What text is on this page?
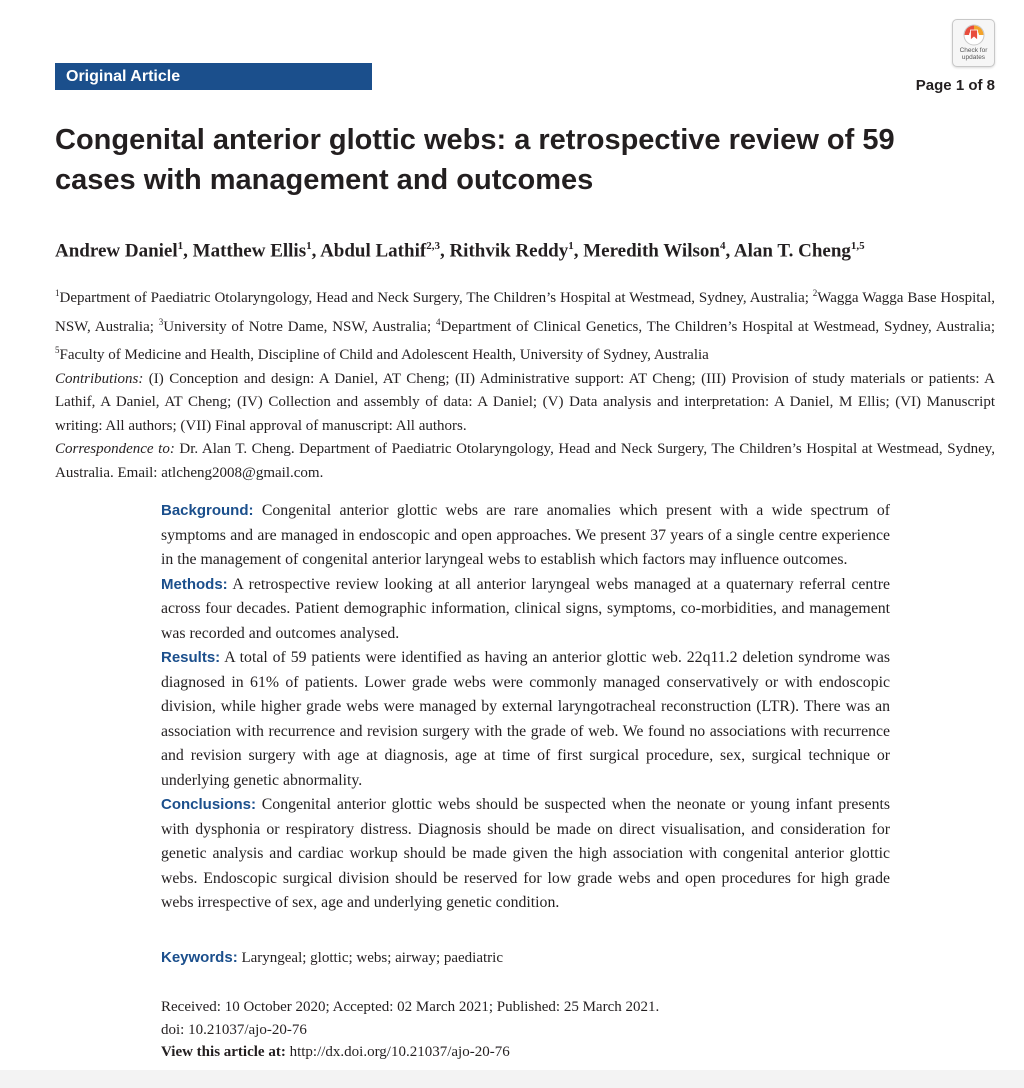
Original Article
Check for updates
Page 1 of 8
Congenital anterior glottic webs: a retrospective review of 59 cases with management and outcomes
Andrew Daniel$^1$, Matthew Ellis$^1$, Abdul Lathif$^{2,3}$, Rithvik Reddy$^1$, Meredith Wilson$^4$, Alan T. Cheng$^{1,5}$

$^1$Department of Paediatric Otolaryngology, Head and Neck Surgery, The Children’s Hospital at Westmead, Sydney, Australia; $^2$Wagga Wagga Base Hospital, NSW, Australia; $^3$University of Notre Dame, NSW, Australia; $^4$Department of Clinical Genetics, The Children’s Hospital at Westmead, Sydney, Australia; $^5$Faculty of Medicine and Health, Discipline of Child and Adolescent Health, University of Sydney, Australia

Contributions: (I) Conception and design: A Daniel, AT Cheng; (II) Administrative support: AT Cheng; (III) Provision of study materials or patients: A Lathif, A Daniel, AT Cheng; (IV) Collection and assembly of data: A Daniel; (V) Data analysis and interpretation: A Daniel, M Ellis; (VI) Manuscript writing: All authors; (VII) Final approval of manuscript: All authors.

Correspondence to: Dr. Alan T. Cheng. Department of Paediatric Otolaryngology, Head and Neck Surgery, The Children’s Hospital at Westmead, Sydney, Australia. Email: atlcheng2008@gmail.com.

Background: Congenital anterior glottic webs are rare anomalies which present with a wide spectrum of symptoms and are managed in endoscopic and open approaches. We present 37 years of a single centre experience in the management of congenital anterior laryngeal webs to establish which factors may influence outcomes.

Methods: A retrospective review looking at all anterior laryngeal webs managed at a quaternary referral centre across four decades. Patient demographic information, clinical signs, symptoms, co-morbidities, and management was recorded and outcomes analysed.

Results: A total of 59 patients were identified as having an anterior glottic web. 22q11.2 deletion syndrome was diagnosed in 61% of patients. Lower grade webs were commonly managed conservatively or with endoscopic division, while higher grade webs were managed by external laryngotracheal reconstruction (LTR). There was an association with recurrence and revision surgery with the grade of web. We found no associations with recurrence and revision surgery with age at diagnosis, age at time of first surgical procedure, sex, surgical technique or underlying genetic abnormality.

Conclusions: Congenital anterior glottic webs should be suspected when the neonate or young infant presents with dysphonia or respiratory distress. Diagnosis should be made on direct visualisation, and consideration for genetic analysis and cardiac workup should be made given the high association with congenital anterior glottic webs. Endoscopic surgical division should be reserved for low grade webs and open procedures for high grade webs irrespective of sex, age and underlying genetic condition.

Keywords: Laryngeal; glottic; webs; airway; paediatric

Received: 10 October 2020; Accepted: 02 March 2021; Published: 25 March 2021.

doi: 10.21037/ajo-20-76

View this article at: http://dx.doi.org/10.21037/ajo-20-76
